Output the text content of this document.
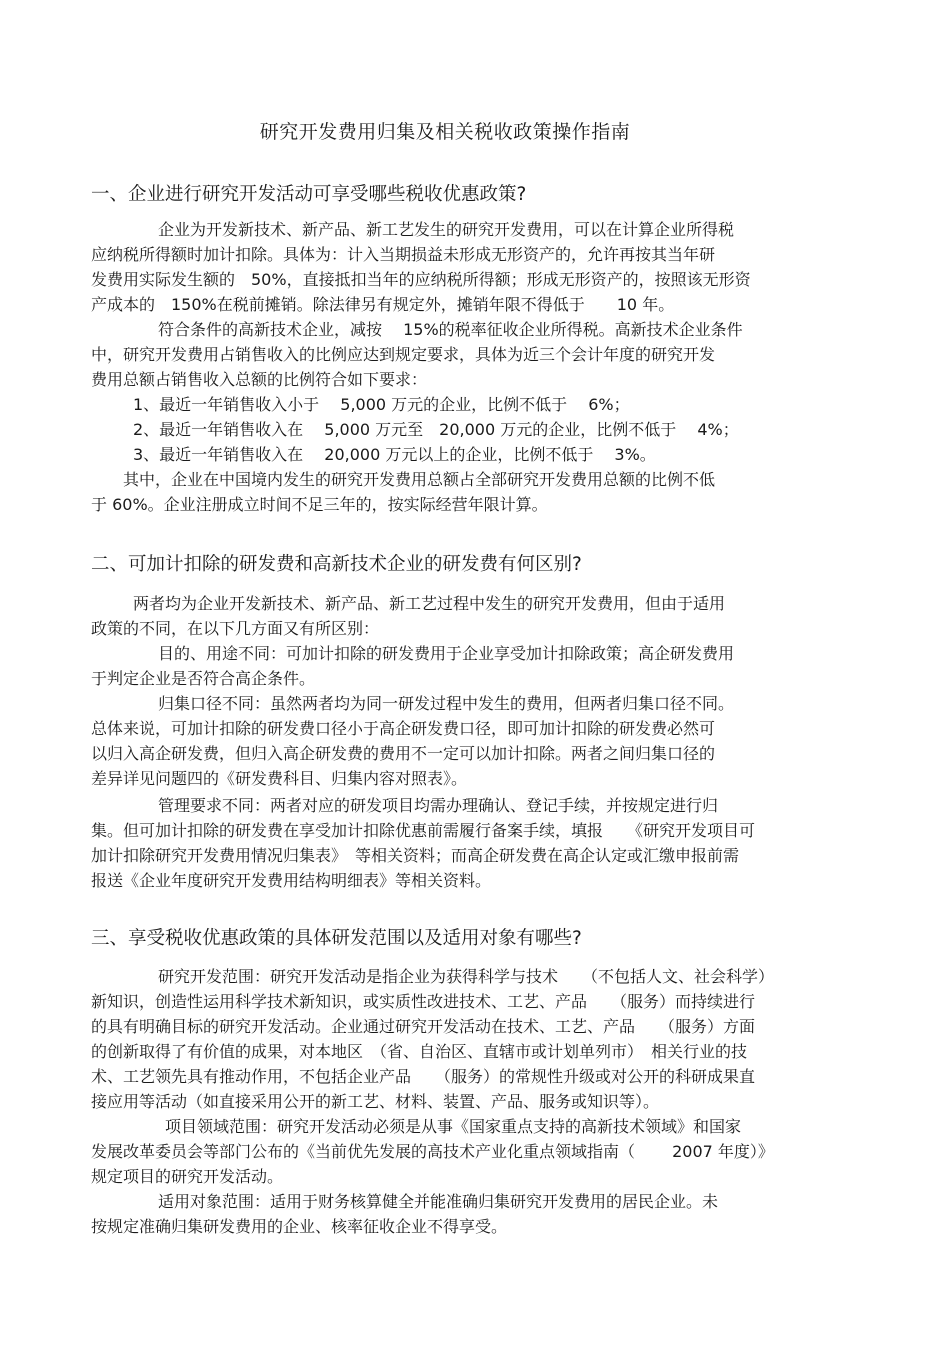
研究开发费用归集及相关税收政策操作指南
一、企业进行研究开发活动可享受哪些税收优惠政策?
企业为开发新技术、新产品、新工艺发生的研究开发费用，可以在计算企业所得税
应纳税所得额时加计扣除。具体为：计入当期损益未形成无形资产的，允许再按其当年研
发费用实际发生额的　50%，直接抵扣当年的应纳税所得额；形成无形资产的，按照该无形资
产成本的　150%在税前摊销。除法律另有规定外，摊销年限不得低于　　10 年。
符合条件的高新技术企业，减按　 15%的税率征收企业所得税。高新技术企业条件
中，研究开发费用占销售收入的比例应达到规定要求，具体为近三个会计年度的研究开发
费用总额占销售收入总额的比例符合如下要求：
1、最近一年销售收入小于　 5,000 万元的企业，比例不低于　 6%；
2、最近一年销售收入在　 5,000 万元至　20,000 万元的企业，比例不低于　 4%；
3、最近一年销售收入在　 20,000 万元以上的企业，比例不低于　 3%。
其中，企业在中国境内发生的研究开发费用总额占全部研究开发费用总额的比例不低
于 60%。企业注册成立时间不足三年的，按实际经营年限计算。
二、可加计扣除的研发费和高新技术企业的研发费有何区别?
两者均为企业开发新技术、新产品、新工艺过程中发生的研究开发费用，但由于适用
政策的不同，在以下几方面又有所区别：
目的、用途不同：可加计扣除的研发费用于企业享受加计扣除政策；高企研发费用
于判定企业是否符合高企条件。
归集口径不同：虽然两者均为同一研发过程中发生的费用，但两者归集口径不同。
总体来说，可加计扣除的研发费口径小于高企研发费口径，即可加计扣除的研发费必然可
以归入高企研发费，但归入高企研发费的费用不一定可以加计扣除。两者之间归集口径的
差异详见问题四的《研发费科目、归集内容对照表》。
管理要求不同：两者对应的研发项目均需办理确认、登记手续，并按规定进行归
集。但可加计扣除的研发费在享受加计扣除优惠前需履行备案手续，填报　　《研究开发项目可
加计扣除研究开发费用情况归集表》　等相关资料；而高企研发费在高企认定或汇缴申报前需
报送《企业年度研究开发费用结构明细表》等相关资料。
三、享受税收优惠政策的具体研发范围以及适用对象有哪些?
研究开发范围：研究开发活动是指企业为获得科学与技术　　（不包括人文、社会科学）
新知识，创造性运用科学技术新知识，或实质性改进技术、工艺、产品　　（服务）而持续进行
的具有明确目标的研究开发活动。企业通过研究开发活动在技术、工艺、产品　　（服务）方面
的创新取得了有价值的成果，对本地区　（省、自治区、直辖市或计划单列市）　相关行业的技
术、工艺领先具有推动作用，不包括企业产品　　（服务）的常规性升级或对公开的科研成果直
接应用等活动（如直接采用公开的新工艺、材料、装置、产品、服务或知识等）。
项目领域范围：研究开发活动必须是从事《国家重点支持的高新技术领域》和国家
发展改革委员会等部门公布的《当前优先发展的高技术产业化重点领域指南（　　 2007 年度）》
规定项目的研究开发活动。
适用对象范围：适用于财务核算健全并能准确归集研究开发费用的居民企业。未
按规定准确归集研发费用的企业、核率征收企业不得享受。
